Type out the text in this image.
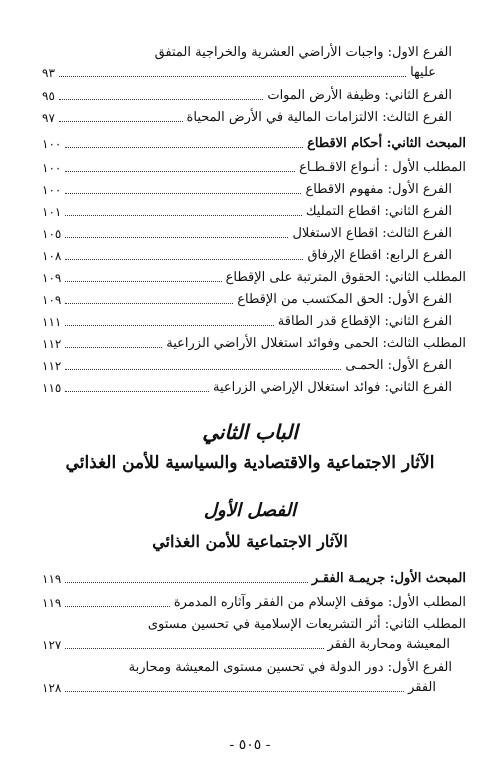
الفرع الاول: واجبات الأراضي العشرية والخراجية المتفق
عليها
٩٣
الفرع الثاني: وظيفة الأرض الموات
٩٥
الفرع الثالث: الالتزامات المالية في الأرض المحياة
٩٧
المبحث الثاني: أحكام الاقطاع
١٠٠
المطلب الأول : أنـواع الاقـطـاع
١٠٠
الفرع الأول: مفهوم الاقطاع
١٠٠
الفرع الثاني: اقطاع التمليك
١٠١
الفرع الثالث: اقطاع الاستغلال
١٠٥
الفرع الرابع: اقطاع الإرفاق
١٠٨
المطلب الثاني: الحقوق المترتبة على الإقطاع
١٠٩
الفرع الأول: الحق المكتسب من الإقطاع
١٠٩
الفرع الثاني: الإقطاع قدر الطاقة
١١١
المطلب الثالث: الحمى وفوائد استغلال الأراضي الزراعية
١١٢
الفرع الأول: الحمـى
١١٢
الفرع الثاني: فوائد استغلال الإراضي الزراعية
١١٥
الباب الثاني
الآثار الاجتماعية والاقتصادية والسياسية للأمن الغذائي
الفصل الأول
الآثار الاجتماعية للأمن الغذائي
المبحث الأول: جريمـة الفقـر
١١٩
المطلب الأول: موقف الإسلام من الفقر وآثاره المدمرة
١١٩
المطلب الثاني: أثر التشريعات الإسلامية في تحسين مستوى
المعيشة ومحاربة الفقر
١٢٧
الفرع الأول: دور الدولة في تحسين مستوى المعيشة ومحاربة
الفقر
١٢٨
- ٥٠٥ -
